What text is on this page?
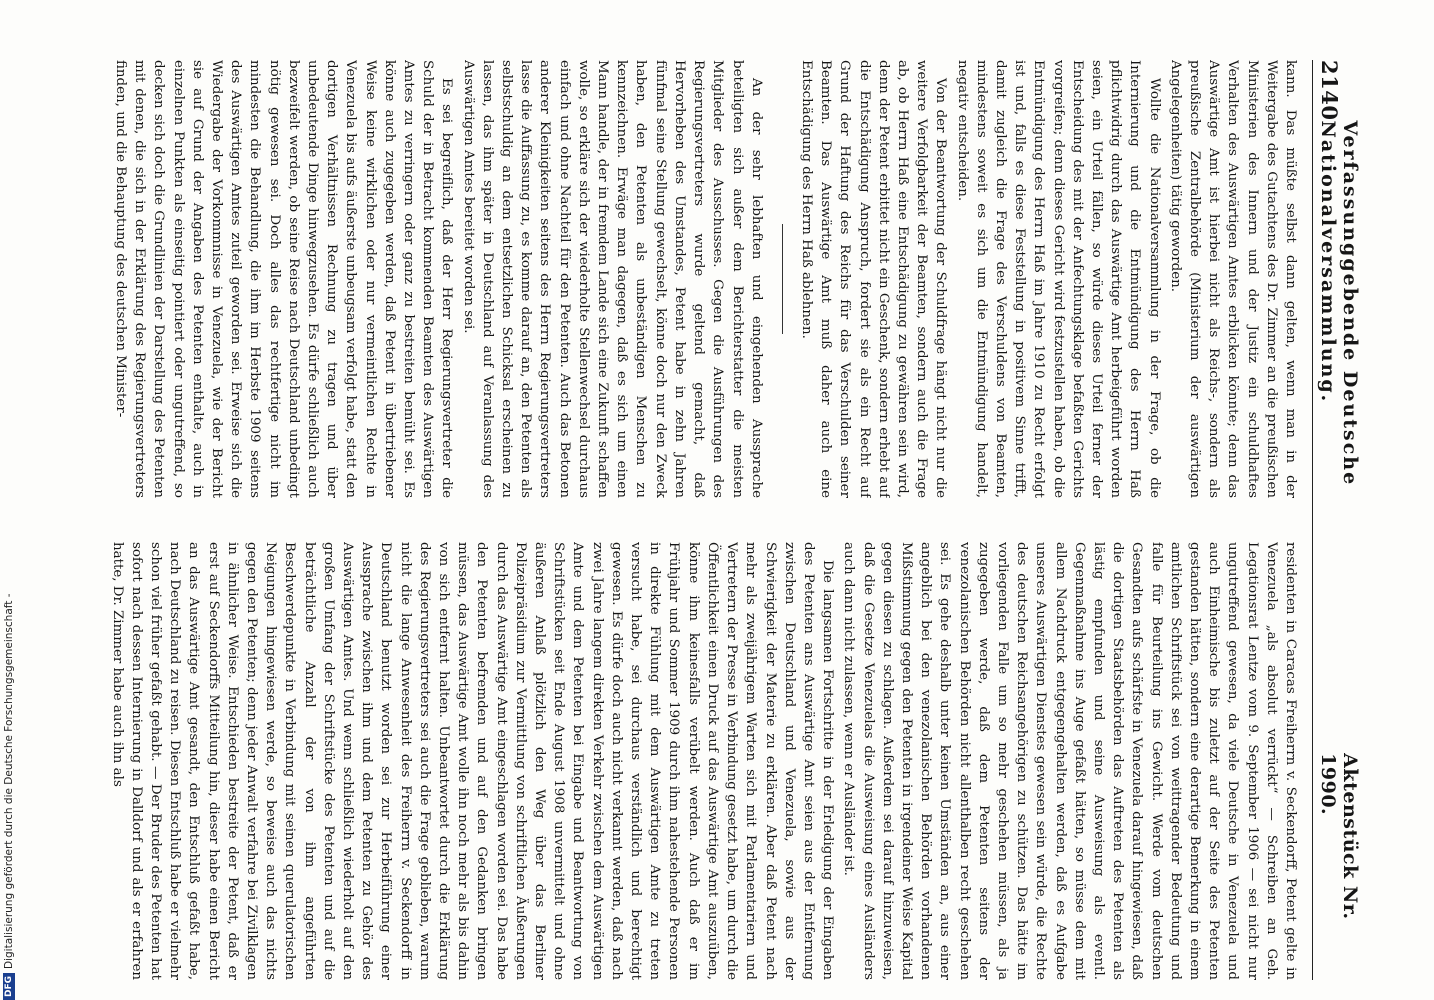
2140
Verfassunggebende Deutsche Nationalversammlung.
Aktenstück Nr. 1990.

kann. Das müßte selbst dann gelten, wenn man in der Weitergabe des Gutachtens des Dr. Zimmer an die preußischen Ministerien des Innern und der Justiz ein schuldhaftes Verhalten des Auswärtigen Amtes erblicken könnte; denn das Auswärtige Amt ist hierbei nicht als Reichs-, sondern als preußische Zentralbehörde (Ministerium der auswärtigen Angelegenheiten) tätig geworden.

Wollte die Nationalversammlung in der Frage, ob die Internierung und die Entmündigung des Herrn Haß pflichtwidrig durch das Auswärtige Amt herbeigeführt worden seien, ein Urteil fällen, so würde dieses Urteil ferner der Entscheidung des mit der Anfechtungsklage befaßten Gerichts vorgreifen; denn dieses Gericht wird festzustellen haben, ob die Entmündigung des Herrn Haß im Jahre 1910 zu Recht erfolgt ist und, falls es diese Feststellung in positivem Sinne trifft, damit zugleich die Frage des Verschuldens von Beamten, mindestens soweit es sich um die Entmündigung handelt, negativ entscheiden.

Von der Beantwortung der Schuldfrage hängt nicht nur die weitere Verfolgbarkeit der Beamten, sondern auch die Frage ab, ob Herrn Haß eine Entschädigung zu gewähren sein wird, denn der Petent erbittet nicht ein Geschenk, sondern erhebt auf die Entschädigung Anspruch, fordert sie als ein Recht auf Grund der Haftung des Reichs für das Verschulden seiner Beamten. Das Auswärtige Amt muß daher auch eine Entschädigung des Herrn Haß ablehnen.

An der sehr lebhaften und eingehenden Aussprache beteiligten sich außer dem Berichterstatter die meisten Mitglieder des Ausschusses. Gegen die Ausführungen des Regierungsvertreters wurde geltend gemacht, daß Hervorheben des Umstandes, Petent habe in zehn Jahren fünfmal seine Stellung gewechselt, könne doch nur den Zweck haben, den Petenten als unbeständigen Menschen zu kennzeichnen. Erwäge man dagegen, daß es sich um einen Mann handle, der in fremdem Lande sich eine Zukunft schaffen wolle, so erkläre sich der wiederholte Stellenwechsel durchaus einfach und ohne Nachteil für den Petenten. Auch das Betonen anderer Kleinigkeiten seitens des Herrn Regierungsvertreters lasse die Auffassung zu, es komme darauf an, den Petenten als selbstschuldig an dem entsetzlichen Schicksal erscheinen zu lassen, das ihm später in Deutschland auf Veranlassung des Auswärtigen Amtes bereitet worden sei.

Es sei begreiflich, daß der Herr Regierungsvertreter die Schuld der in Betracht kommenden Beamten des Auswärtigen Amtes zu verringern oder ganz zu bestreiten bemüht sei. Es könne auch zugegeben werden, daß Petent in übertriebener Weise keine wirklichen oder nur vermeintlichen Rechte in Venezuela bis aufs äußerste unbeugsam verfolgt habe, statt den dortigen Verhältnissen Rechnung zu tragen und über unbedeutende Dinge hinwegzusehen. Es dürfe schließlich auch bezweifelt werden, ob seine Reise nach Deutschland unbedingt nötig gewesen sei. Doch alles das rechtfertige nicht im mindesten die Behandlung, die ihm im Herbste 1909 seitens des Auswärtigen Amtes zuteil geworden sei. Erweise sich die Wiedergabe der Vorkommnisse in Venezuela, wie der Bericht sie auf Grund der Angaben des Petenten enthalte, auch in einzelnen Punkten als einseitig pointiert oder ungutreffend, so decken sich doch die Grundlinien der Darstellung des Petenten mit denen, die sich in der Erklärung des Regierungsvertreters finden, und die Behauptung des deutschen Minister-

residenten in Caracas Freiherrn v. Seckendorff, Petent gelte in Venezuela „als absolut verrückt“ — Schreiben an Geh. Legationsrat Lentze vom 9. September 1906 — sei nicht nur ungutreffend gewesen, da viele Deutsche in Venezuela und auch Einheimische bis zuletzt auf der Seite des Petenten gestanden hätten, sondern eine derartige Bemerkung in einem amtlichen Schriftstück sei von weittragender Bedeutung und falle für Beurteilung ins Gewicht. Werde vom deutschen Gesandten aufs schärfste in Venezuela darauf hingewiesen, daß die dortigen Staatsbehörden das Auftreten des Petenten als lästig empfunden und seine Ausweisung als eventl. Gegenmaßnahme ins Auge gefaßt hätten, so müsse dem mit allem Nachdruck entgegengehalten werden, daß es Aufgabe unseres Auswärtigen Dienstes gewesen sein würde, die Rechte des deutschen Reichsangehörigen zu schützen. Das hätte im vorliegenden Falle um so mehr geschehen müssen, als ja zugegeben werde, daß dem Petenten seitens der venezolanischen Behörden nicht allenthalben recht geschehen sei. Es gehe deshalb unter keinen Umständen an, aus einer angeblich bei den venezolanischen Behörden vorhandenen Mißstimmung gegen den Petenten in irgendeiner Weise Kapital gegen diesen zu schlagen. Außerdem sei darauf hinzuweisen, daß die Gesetze Venezuelas die Ausweisung eines Ausländers auch dann nicht zulassen, wenn er Ausländer ist.

Die langsamen Fortschritte in der Erledigung der Eingaben des Petenten ans Auswärtige Amt seien aus der Entfernung zwischen Deutschland und Venezuela, sowie aus der Schwierigkeit der Materie zu erklären. Aber daß Petent nach mehr als zweijährigem Warten sich mit Parlamentariern und Vertretern der Presse in Verbindung gesetzt habe, um durch die Öffentlichkeit einen Druck auf das Auswärtige Amt auszuüben, könne ihm keinesfalls verübelt werden. Auch daß er im Frühjahr und Sommer 1909 durch ihm nahestehende Personen in direkte Fühlung mit dem Auswärtigen Amte zu treten versucht habe, sei durchaus verständlich und berechtigt gewesen. Es dürfe doch auch nicht verkannt werden, daß nach zwei Jahre langem direkten Verkehr zwischen dem Auswärtigen Amte und dem Petenten bei Eingabe und Beantwortung von Schriftstücken seit Ende August 1908 unvermittelt und ohne äußeren Anlaß plötzlich den Weg über das Berliner Polizeipräsidium zur Vermittlung von schriftlichen Äußerungen durch das Auswärtige Amt eingeschlagen worden sei. Das habe den Petenten befremden und auf den Gedanken bringen müssen, das Auswärtige Amt wolle ihn noch mehr als bis dahin von sich entfernt halten. Unbeantwortet durch die Erklärung des Regierungsvertreters sei auch die Frage geblieben, warum nicht die lange Anwesenheit des Freiherrn v. Seckendorff in Deutschland benutzt worden sei zur Herbeiführung einer Aussprache zwischen ihm und dem Petenten zu Gehör des Auswärtigen Amtes. Und wenn schließlich wiederholt auf den großen Umfang der Schriftstücke des Petenten und auf die beträchtliche Anzahl der von ihm angeführten Beschwerdepunkte in Verbindung mit seinen querulatorischen Neigungen hingewiesen werde, so beweise auch das nichts gegen den Petenten; denn jeder Anwalt verfahre bei Zivilklagen in ähnlicher Weise. Entschieden bestreite der Petent, daß er erst auf Seckendorffs Mitteilung hin, dieser habe einen Bericht an das Auswärtige Amt gesandt, den Entschluß gefaßt habe, nach Deutschland zu reisen. Diesen Entschluß habe er vielmehr schon viel früher gefaßt gehabt. — Der Bruder des Petenten hat sofort nach dessen Internierung in Dalldorf und als er erfahren hatte, Dr. Zimmer habe auch ihn als

DFG
Digitalisierung gefördert durch die Deutsche Forschungsgemeinschaft -
